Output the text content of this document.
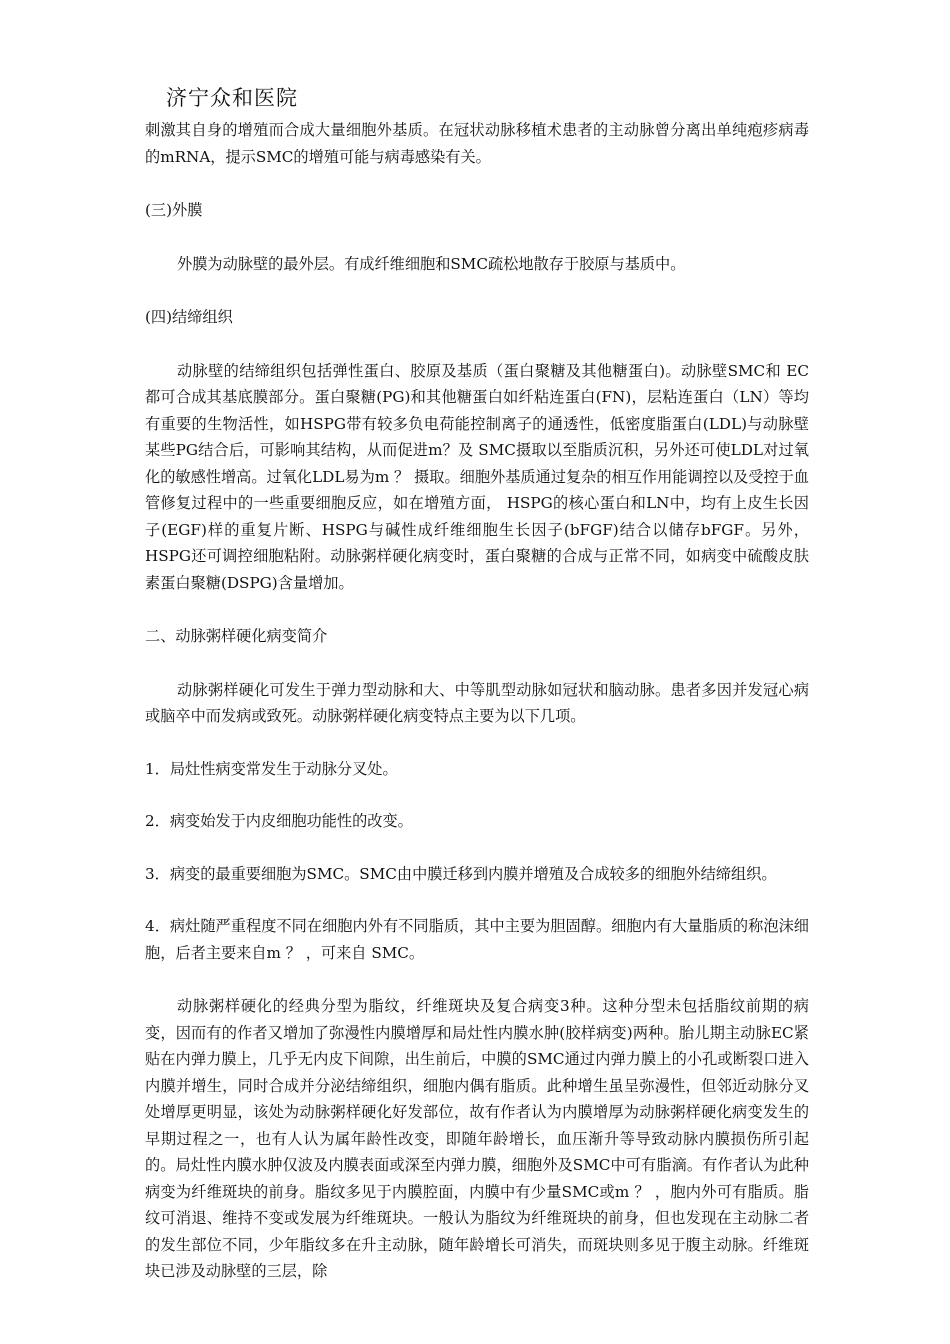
济宁众和医院

刺激其自身的增殖而合成大量细胞外基质。在冠状动脉移植术患者的主动脉曾分离出单纯疱疹病毒的mRNA，提示SMC的增殖可能与病毒感染有关。

(三)外膜

外膜为动脉壁的最外层。有成纤维细胞和SMC疏松地散存于胶原与基质中。

(四)结缔组织

动脉壁的结缔组织包括弹性蛋白、胶原及基质（蛋白聚糖及其他糖蛋白)。动脉壁SMC和 EC都可合成其基底膜部分。蛋白聚糖(PG)和其他糖蛋白如纤粘连蛋白(FN)，层粘连蛋白（LN）等均有重要的生物活性，如HSPG带有较多负电荷能控制离子的通透性，低密度脂蛋白(LDL)与动脉壁某些PG结合后，可影响其结构，从而促进m？及 SMC摄取以至脂质沉积，另外还可使LDL对过氧化的敏感性增高。过氧化LDL易为m ？ 摄取。细胞外基质通过复杂的相互作用能调控以及受控于血管修复过程中的一些重要细胞反应，如在增殖方面， HSPG的核心蛋白和LN中，均有上皮生长因子(EGF)样的重复片断、HSPG与碱性成纤维细胞生长因子(bFGF)结合以储存bFGF。另外，HSPG还可调控细胞粘附。动脉粥样硬化病变时，蛋白聚糖的合成与正常不同，如病变中硫酸皮肤素蛋白聚糖(DSPG)含量增加。

二、动脉粥样硬化病变简介

动脉粥样硬化可发生于弹力型动脉和大、中等肌型动脉如冠状和脑动脉。患者多因并发冠心病或脑卒中而发病或致死。动脉粥样硬化病变特点主要为以下几项。

1．局灶性病变常发生于动脉分叉处。

2．病变始发于内皮细胞功能性的改变。

3．病变的最重要细胞为SMC。SMC由中膜迁移到内膜并增殖及合成较多的细胞外结缔组织。

4．病灶随严重程度不同在细胞内外有不同脂质，其中主要为胆固醇。细胞内有大量脂质的称泡沫细胞，后者主要来自m ？ ，可来自 SMC。

动脉粥样硬化的经典分型为脂纹，纤维斑块及复合病变3种。这种分型未包括脂纹前期的病变，因而有的作者又增加了弥漫性内膜增厚和局灶性内膜水肿(胶样病变)两种。胎儿期主动脉EC紧贴在内弹力膜上，几乎无内皮下间隙，出生前后，中膜的SMC通过内弹力膜上的小孔或断裂口进入内膜并增生，同时合成并分泌结缔组织，细胞内偶有脂质。此种增生虽呈弥漫性，但邻近动脉分叉处增厚更明显，该处为动脉粥样硬化好发部位，故有作者认为内膜增厚为动脉粥样硬化病变发生的早期过程之一，也有人认为属年龄性改变，即随年龄增长，血压渐升等导致动脉内膜损伤所引起的。局灶性内膜水肿仅波及内膜表面或深至内弹力膜，细胞外及SMC中可有脂滴。有作者认为此种病变为纤维斑块的前身。脂纹多见于内膜腔面，内膜中有少量SMC或m ？ ，胞内外可有脂质。脂纹可消退、维持不变或发展为纤维斑块。一般认为脂纹为纤维斑块的前身，但也发现在主动脉二者的发生部位不同，少年脂纹多在升主动脉，随年龄增长可消失，而斑块则多见于腹主动脉。纤维斑块已涉及动脉壁的三层，除
